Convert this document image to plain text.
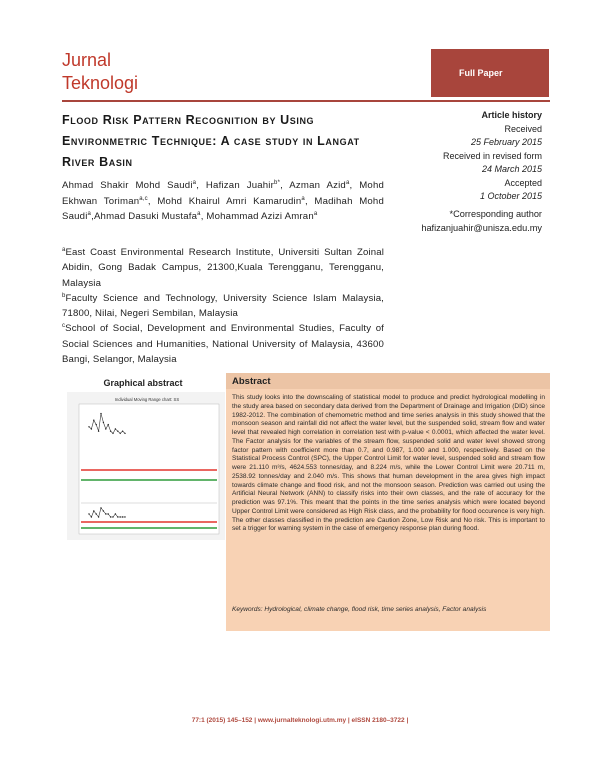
Jurnal
Teknologi	Full Paper
Flood Risk Pattern Recognition by Using Environmetric Technique: A case study in Langat River Basin
Article history
Received
25 February 2015
Received in revised form
24 March 2015
Accepted
1 October 2015
Ahmad Shakir Mohd Saudi$^a$, Hafizan Juahir$^{b*}$, Azman Azid$^a$, Mohd Ekhwan Toriman$^{a,c}$, Mohd Khairul Amri Kamarudin$^a$, Madihah Mohd Saudi$^a$,Ahmad Dasuki Mustafa$^a$, Mohammad Azizi Amran$^a$

$^a$East Coast Environmental Research Institute, Universiti Sultan Zoinal Abidin, Gong Badak Campus, 21300,Kuala Terengganu, Terengganu, Malaysia

$^b$Faculty Science and Technology, University Science Islam Malaysia, 71800, Nilai, Negeri Sembilan, Malaysia

$^c$School of Social, Development and Environmental Studies, Faculty of Social Sciences and Humanities, National University of Malaysia, 43600 Bangi, Selangor, Malaysia

*Corresponding author
hafizanjuahir@unisza.edu.my
Graphical abstract
Individual Moving Range chart: SS
Abstract
This study looks into the downscaling of statistical model to produce and predict hydrological modelling in the study area based on secondary data derived from the Department of Drainage and Irrigation (DID) since 1982-2012. The combination of chemometric method and time series analysis in this study showed that the monsoon season and rainfall did not affect the water level, but the suspended solid, stream flow and water level that revealed high correlation in correlation test with p-value < 0.0001, which affected the water level. The Factor analysis for the variables of the stream flow, suspended solid and water level showed strong factor pattern with coefficient more than 0.7, and 0.987, 1.000 and 1.000, respectively. Based on the Statistical Process Control (SPC), the Upper Control Limit for water level, suspended solid and stream flow were 21.110 m³/s, 4624.553 tonnes/day, and 8.224 m/s, while the Lower Control Limit were 20.711 m, 2538.92 tonnes/day and 2.040 m/s. This shows that human development in the area gives high impact towards climate change and flood risk, and not the monsoon season. Prediction was carried out using the Artificial Neural Network (ANN) to classify risks into their own classes, and the rate of accuracy for the prediction was 97.1%. This meant that the points in the time series analysis which were located beyond Upper Control Limit were considered as High Risk class, and the probability for flood occurence is very high. The other classes classified in the prediction are Caution Zone, Low Risk and No risk. This is important to set a trigger for warning system in the case of emergency response plan during flood.
Keywords: Hydrological, climate change, flood risk, time series analysis, Factor analysis
77:1 (2015) 145–152 | www.jurnalteknologi.utm.my | eISSN 2180–3722 |
